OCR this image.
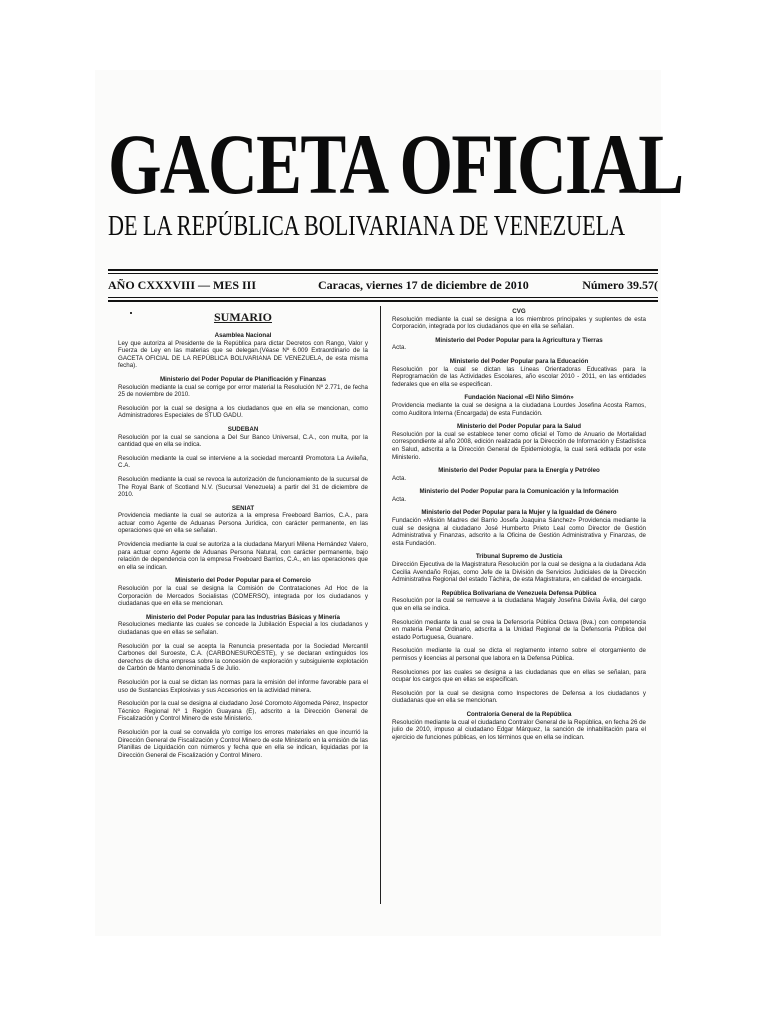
GACETA OFICIAL
DE LA REPÚBLICA BOLIVARIANA DE VENEZUELA
AÑO CXXXVIII — MES III	Caracas, viernes 17 de diciembre de 2010	Número 39.57(
SUMARIO
Asamblea Nacional
Ley que autoriza al Presidente de la República para dictar Decretos con Rango, Valor y Fuerza de Ley en las materias que se delegan.(Véase Nº 6.009 Extraordinario de la GACETA OFICIAL DE LA REPÚBLICA BOLIVARIANA DE VENEZUELA, de esta misma fecha).
Ministerio del Poder Popular de Planificación y Finanzas
Resolución mediante la cual se corrige por error material la Resolución Nº 2.771, de fecha 25 de noviembre de 2010.
Resolución por la cual se designa a los ciudadanos que en ella se mencionan, como Administradores Especiales de STUD GADU.
SUDEBAN
Resolución por la cual se sanciona a Del Sur Banco Universal, C.A., con multa, por la cantidad que en ella se indica.
Resolución mediante la cual se interviene a la sociedad mercantil Promotora La Avileña, C.A.
Resolución mediante la cual se revoca la autorización de funcionamiento de la sucursal de The Royal Bank of Scotland N.V. (Sucursal Venezuela) a partir del 31 de diciembre de 2010.
SENIAT
Providencia mediante la cual se autoriza a la empresa Freeboard Barrios, C.A., para actuar como Agente de Aduanas Persona Jurídica, con carácter permanente, en las operaciones que en ella se señalan.
Providencia mediante la cual se autoriza a la ciudadana Maryuri Milena Hernández Valero, para actuar como Agente de Aduanas Persona Natural, con carácter permanente, bajo relación de dependencia con la empresa Freeboard Barrios, C.A., en las operaciones que en ella se indican.
Ministerio del Poder Popular para el Comercio
Resolución por la cual se designa la Comisión de Contrataciones Ad Hoc de la Corporación de Mercados Socialistas (COMERSO), integrada por los ciudadanos y ciudadanas que en ella se mencionan.
Ministerio del Poder Popular para las Industrias Básicas y Minería
Resoluciones mediante las cuales se concede la Jubilación Especial a los ciudadanos y ciudadanas que en ellas se señalan.
Resolución por la cual se acepta la Renuncia presentada por la Sociedad Mercantil Carbones del Suroeste, C.A. (CARBONESUROESTE), y se declaran extinguidos los derechos de dicha empresa sobre la concesión de exploración y subsiguiente explotación de Carbón de Manto denominada 5 de Julio.
Resolución por la cual se dictan las normas para la emisión del informe favorable para el uso de Sustancias Explosivas y sus Accesorios en la actividad minera.
Resolución por la cual se designa al ciudadano José Coromoto Algomeda Pérez, Inspector Técnico Regional Nº 1 Región Guayana (E), adscrito a la Dirección General de Fiscalización y Control Minero de este Ministerio.
Resolución por la cual se convalida y/o corrige los errores materiales en que incurrió la Dirección General de Fiscalización y Control Minero de este Ministerio en la emisión de las Planillas de Liquidación con números y fecha que en ella se indican, liquidadas por la Dirección General de Fiscalización y Control Minero.
CVG
Resolución mediante la cual se designa a los miembros principales y suplentes de esta Corporación, integrada por los ciudadanos que en ella se señalan.
Ministerio del Poder Popular para la Agricultura y Tierras
Acta.
Ministerio del Poder Popular para la Educación
Resolución por la cual se dictan las Líneas Orientadoras Educativas para la Reprogramación de las Actividades Escolares, año escolar 2010 - 2011, en las entidades federales que en ella se especifican.
Fundación Nacional «El Niño Simón»
Providencia mediante la cual se designa a la ciudadana Lourdes Josefina Acosta Ramos, como Auditora Interna (Encargada) de esta Fundación.
Ministerio del Poder Popular para la Salud
Resolución por la cual se establece tener como oficial el Tomo de Anuario de Mortalidad correspondiente al año 2008, edición realizada por la Dirección de Información y Estadística en Salud, adscrita a la Dirección General de Epidemiología, la cual será editada por este Ministerio.
Ministerio del Poder Popular para la Energía y Petróleo
Acta.
Ministerio del Poder Popular para la Comunicación y la Información
Acta.
Ministerio del Poder Popular para la Mujer y la Igualdad de Género
Fundación «Misión Madres del Barrio Josefa Joaquina Sánchez» Providencia mediante la cual se designa al ciudadano José Humberto Prieto Leal como Director de Gestión Administrativa y Finanzas, adscrito a la Oficina de Gestión Administrativa y Finanzas, de esta Fundación.
Tribunal Supremo de Justicia
Dirección Ejecutiva de la Magistratura Resolución por la cual se designa a la ciudadana Ada Cecilia Avendaño Rojas, como Jefe de la División de Servicios Judiciales de la Dirección Administrativa Regional del estado Táchira, de esta Magistratura, en calidad de encargada.
República Bolivariana de Venezuela Defensa Pública
Resolución por la cual se remueve a la ciudadana Magaly Josefina Dávila Ávila, del cargo que en ella se indica.
Resolución mediante la cual se crea la Defensoría Pública Octava (8va.) con competencia en materia Penal Ordinario, adscrita a la Unidad Regional de la Defensoría Pública del estado Portuguesa, Guanare.
Resolución mediante la cual se dicta el reglamento interno sobre el otorgamiento de permisos y licencias al personal que labora en la Defensa Pública.
Resoluciones por las cuales se designa a las ciudadanas que en ellas se señalan, para ocupar los cargos que en ellas se especifican.
Resolución por la cual se designa como Inspectores de Defensa a los ciudadanos y ciudadanas que en ella se mencionan.
Contraloría General de la República
Resolución mediante la cual el ciudadano Contralor General de la República, en fecha 26 de julio de 2010, impuso al ciudadano Edgar Márquez, la sanción de inhabilitación para el ejercicio de funciones públicas, en los términos que en ella se indican.
